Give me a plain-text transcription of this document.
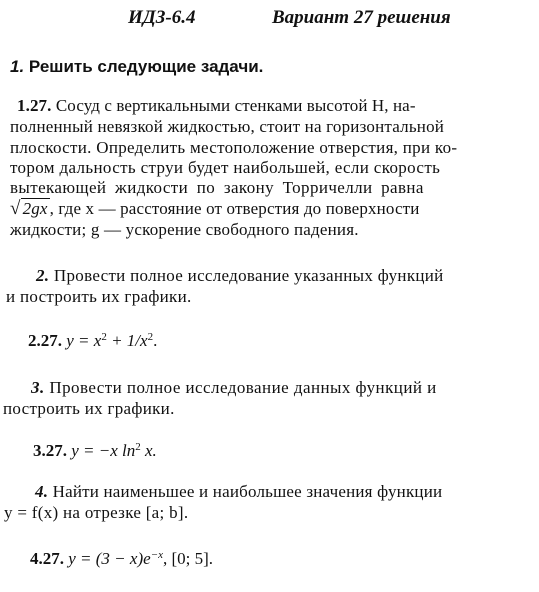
ИДЗ-6.4	Вариант 27 решения
1. Решить следующие задачи.
1.27. Сосуд с вертикальными стенками высотой H, на-
полненный невязкой жидкостью, стоит на горизонтальной
плоскости. Определить местоположение отверстия, при ко-
тором дальность струи будет наибольшей, если скорость
вытекающей жидкости по закону Торричелли равна
√ 2gx , где x — расстояние от отверстия до поверхности
жидкости; g — ускорение свободного падения.
2. Провести полное исследование указанных функций
и построить их графики.
2.27. $y = x^2 + 1/x^2$.
3. Провести полное исследование данных функций и
построить их графики.
3.27. y = −x $\ln^2 x$.
4. Найти наименьшее и наибольшее значения функции
y = f(x) на отрезке [a; b].
4.27. $y = (3 - x)e^{-x}$, [0; 5].
